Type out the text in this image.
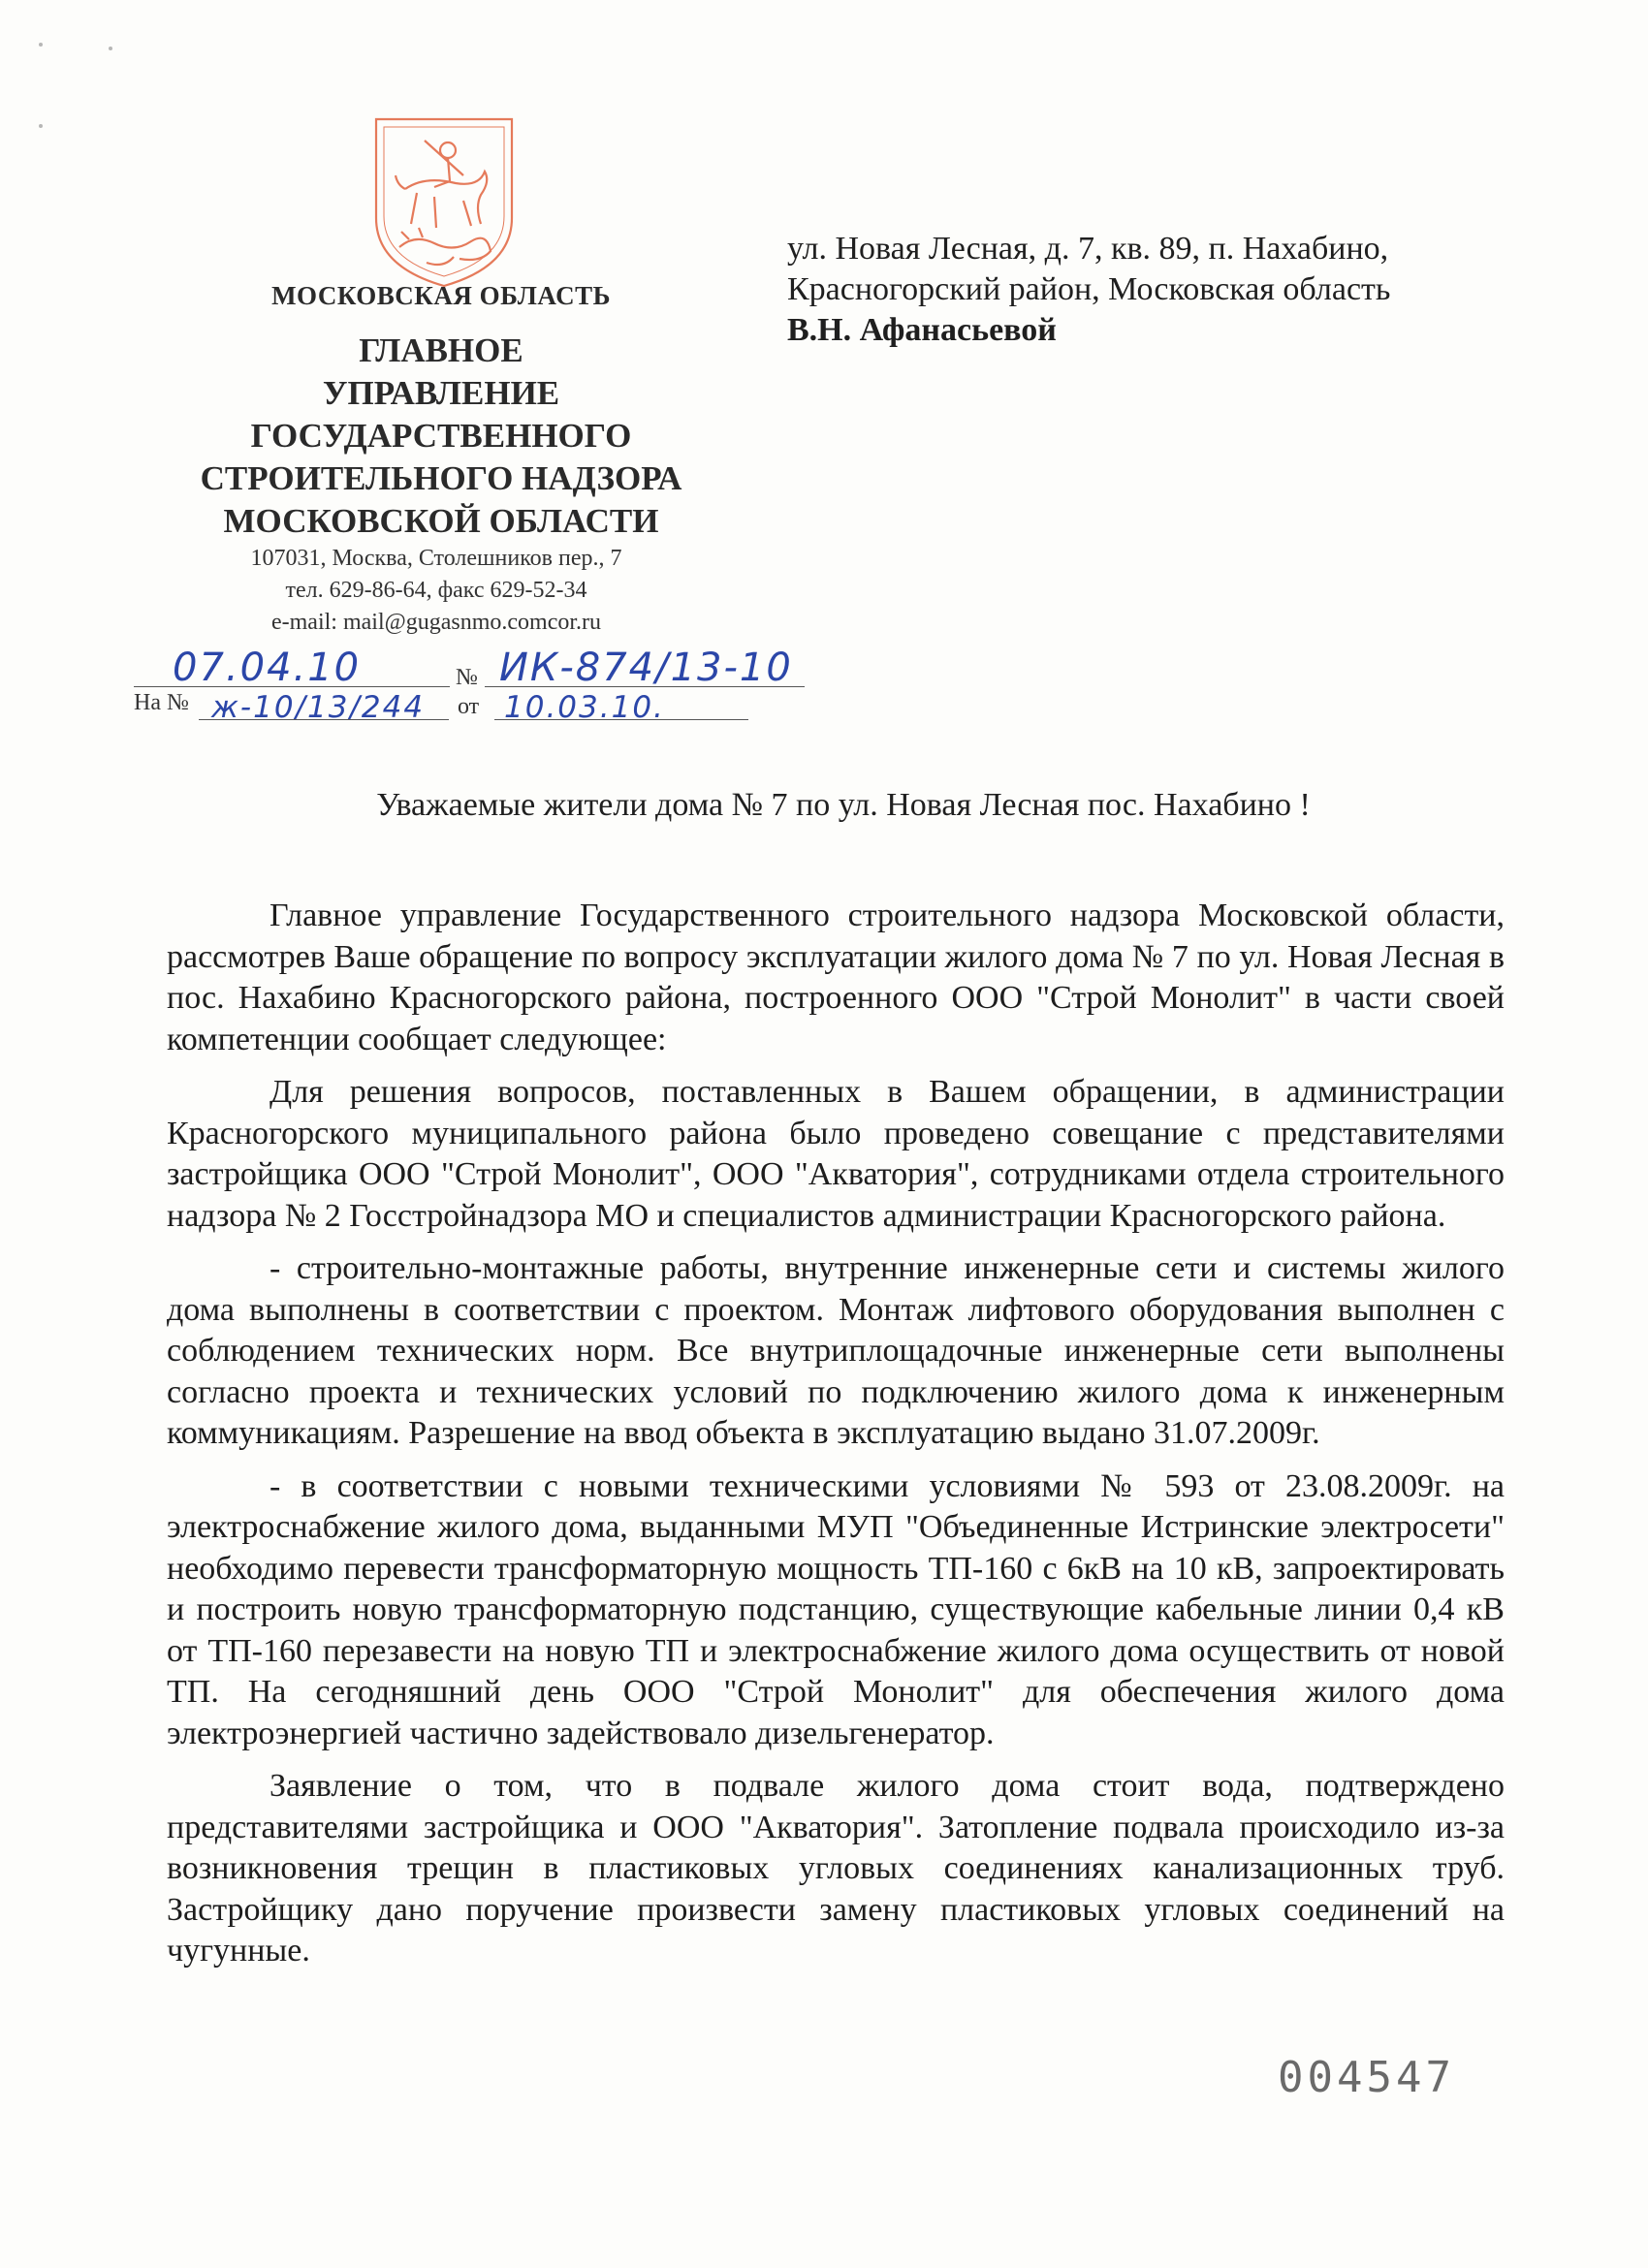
МОСКОВСКАЯ ОБЛАСТЬ
ГЛАВНОЕ
УПРАВЛЕНИЕ
ГОСУДАРСТВЕННОГО
СТРОИТЕЛЬНОГО НАДЗОРА
МОСКОВСКОЙ ОБЛАСТИ
107031, Москва, Столешников пер., 7
тел. 629-86-64, факс 629-52-34
e-mail: mail@gugasnmo.comcor.ru
07.04.10	№ ИК-874/13-10
На № ж-10/13/244 от 10.03.10.
ул. Новая Лесная, д. 7, кв. 89, п. Нахабино,
Красногорский район, Московская область
В.Н. Афанасьевой
Уважаемые жители дома № 7 по ул. Новая Лесная пос. Нахабино !

Главное управление Государственного строительного надзора Московской области, рассмотрев Ваше обращение по вопросу эксплуатации жилого дома № 7 по ул. Новая Лесная в пос. Нахабино Красногорского района, построенного ООО "Строй Монолит" в части своей компетенции сообщает следующее:

Для решения вопросов, поставленных в Вашем обращении, в администрации Красногорского муниципального района было проведено совещание с представителями застройщика ООО "Строй Монолит", ООО "Акватория", сотрудниками отдела строительного надзора № 2 Госстройнадзора МО и специалистов администрации Красногорского района.

- строительно-монтажные работы, внутренние инженерные сети и системы жилого дома выполнены в соответствии с проектом. Монтаж лифтового оборудования выполнен с соблюдением технических норм. Все внутриплощадочные инженерные сети выполнены согласно проекта и технических условий по подключению жилого дома к инженерным коммуникациям. Разрешение на ввод объекта в эксплуатацию выдано 31.07.2009г.

- в соответствии с новыми техническими условиями № 593 от 23.08.2009г. на электроснабжение жилого дома, выданными МУП "Объединенные Истринские электросети" необходимо перевести трансформаторную мощность ТП-160 с 6кВ на 10 кВ, запроектировать и построить новую трансформаторную подстанцию, существующие кабельные линии 0,4 кВ от ТП-160 перезавести на новую ТП и электроснабжение жилого дома осуществить от новой ТП. На сегодняшний день ООО "Строй Монолит" для обеспечения жилого дома электроэнергией частично задействовало дизельгенератор.

Заявление о том, что в подвале жилого дома стоит вода, подтверждено представителями застройщика и ООО "Акватория". Затопление подвала происходило из-за возникновения трещин в пластиковых угловых соединениях канализационных труб. Застройщику дано поручение произвести замену пластиковых угловых соединений на чугунные.

004547
